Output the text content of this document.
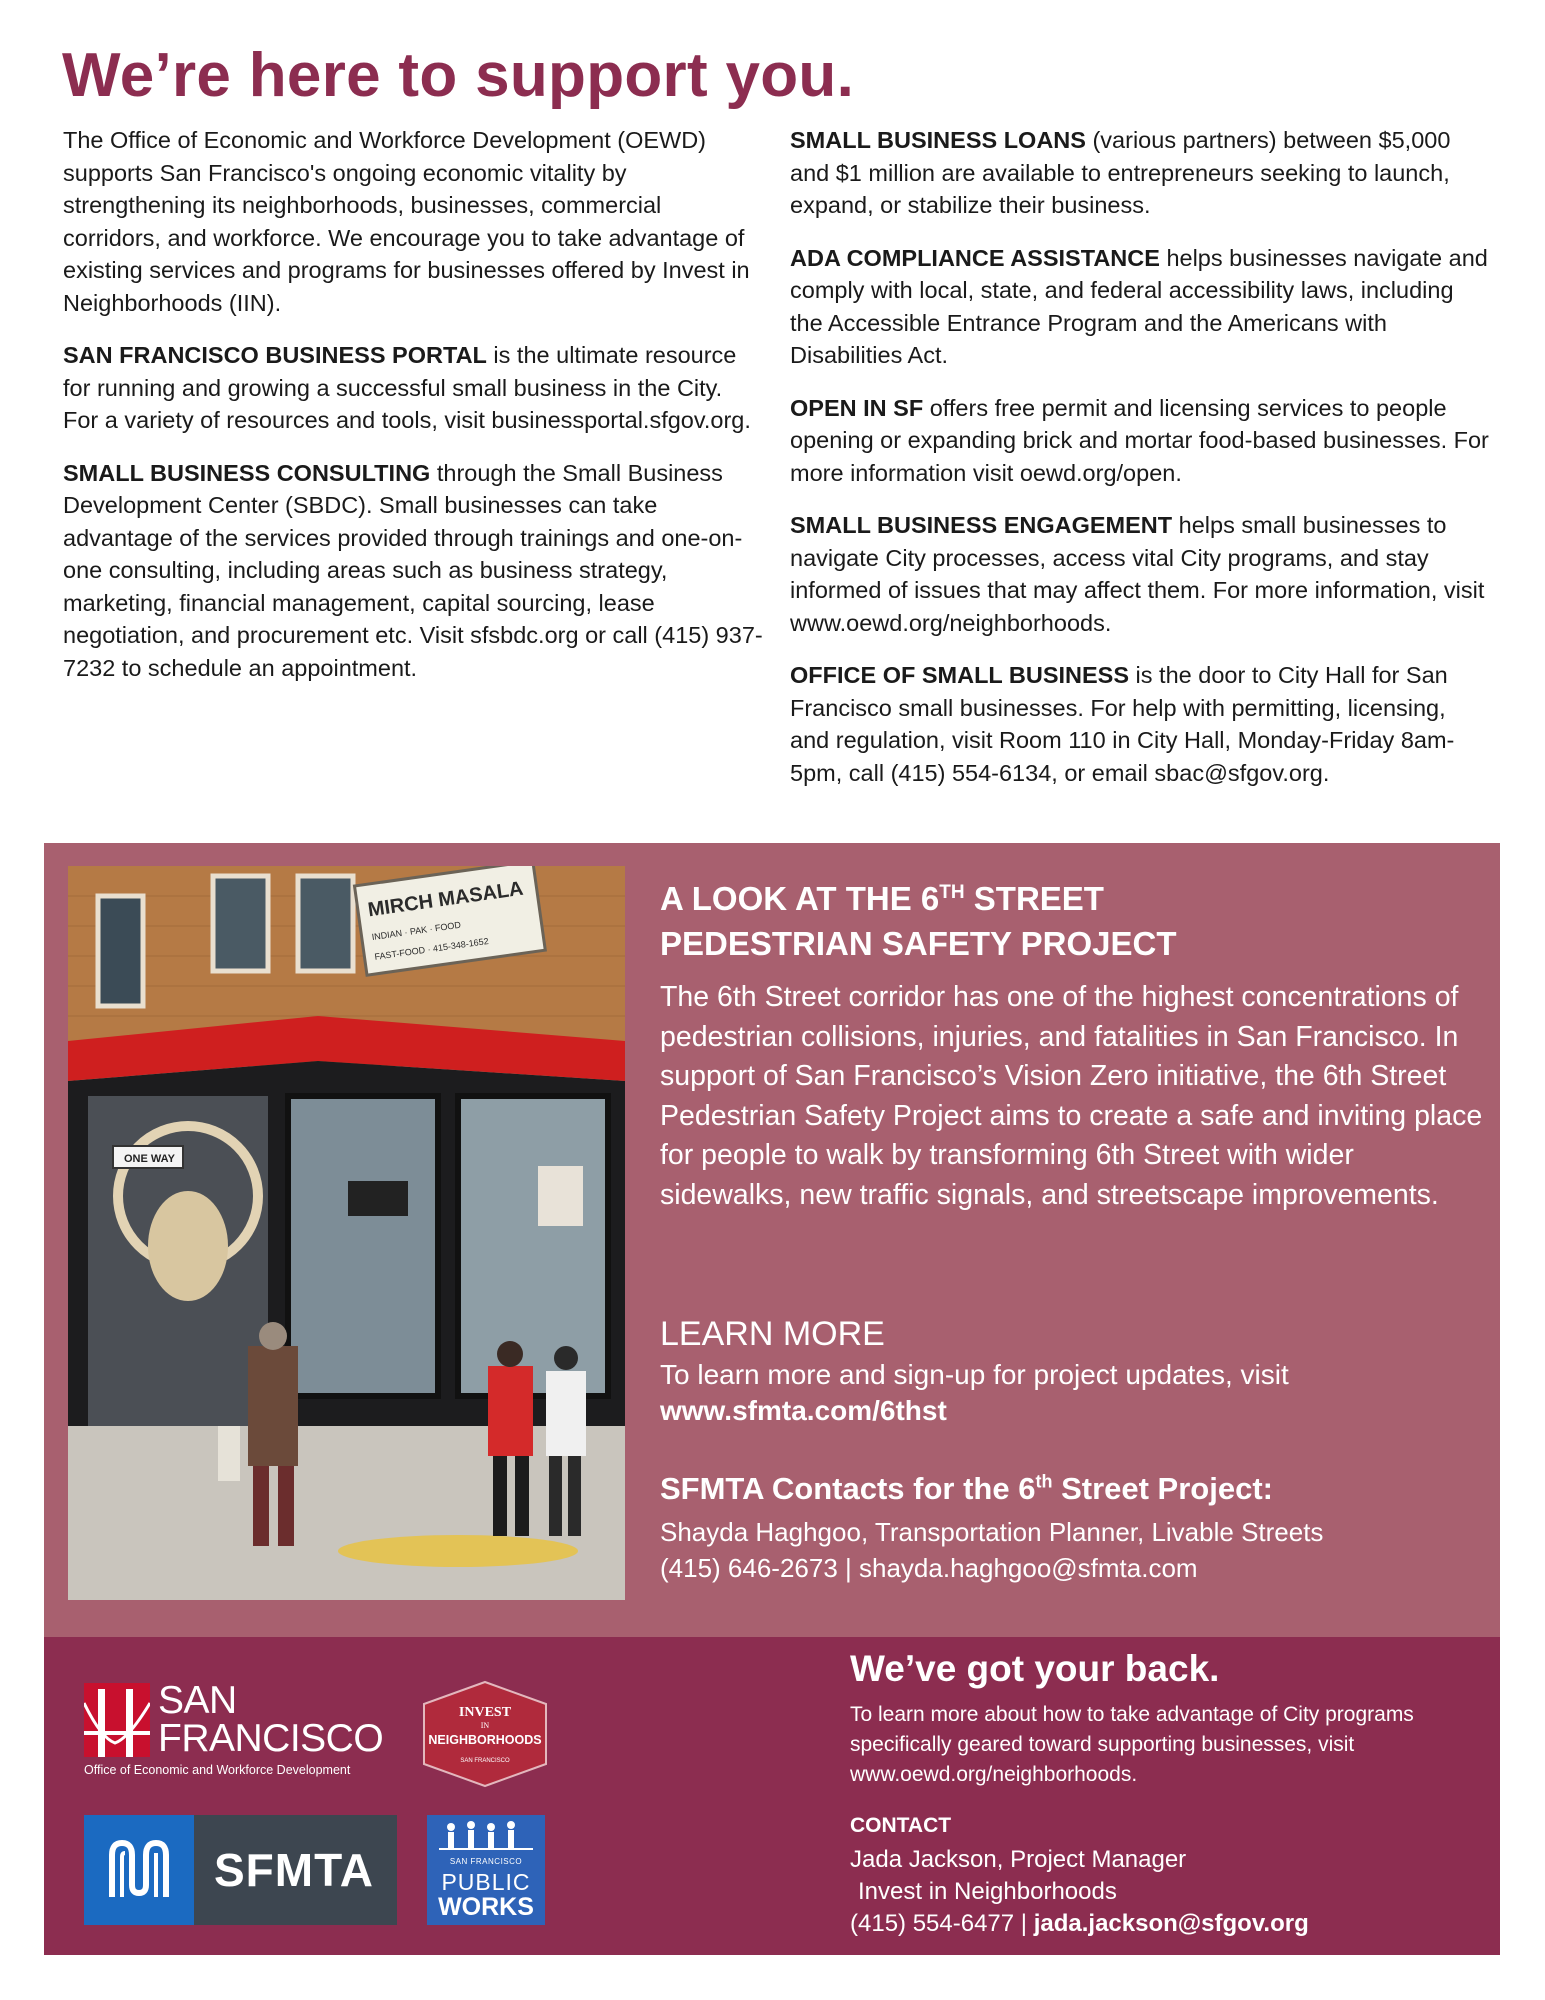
We’re here to support you.

The Office of Economic and Workforce Development (OEWD) supports San Francisco's ongoing economic vitality by strengthening its neighborhoods, businesses, commercial corridors, and workforce. We encourage you to take advantage of existing services and programs for businesses offered by Invest in Neighborhoods (IIN).

SAN FRANCISCO BUSINESS PORTAL is the ultimate resource for running and growing a successful small business in the City. For a variety of resources and tools, visit businessportal.sfgov.org.

SMALL BUSINESS CONSULTING through the Small Business Development Center (SBDC). Small businesses can take advantage of the services provided through trainings and one-on-one consulting, including areas such as business strategy, marketing, financial management, capital sourcing, lease negotiation, and procurement etc. Visit sfsbdc.org or call (415) 937-7232 to schedule an appointment.

SMALL BUSINESS LOANS (various partners) between $5,000 and $1 million are available to entrepreneurs seeking to launch, expand, or stabilize their business.

ADA COMPLIANCE ASSISTANCE helps businesses navigate and comply with local, state, and federal accessibility laws, including the Accessible Entrance Program and the Americans with Disabilities Act.

OPEN IN SF offers free permit and licensing services to people opening or expanding brick and mortar food-based businesses. For more information visit oewd.org/open.

SMALL BUSINESS ENGAGEMENT helps small businesses to navigate City processes, access vital City programs, and stay informed of issues that may affect them. For more information, visit www.oewd.org/neighborhoods.

OFFICE OF SMALL BUSINESS is the door to City Hall for San Francisco small businesses. For help with permitting, licensing, and regulation, visit Room 110 in City Hall, Monday-Friday 8am-5pm, call (415) 554-6134, or email sbac@sfgov.org.

MIRCH MASALA
INDIAN · PAK · FOOD
FAST-FOOD · 415-348-1652
ONE WAY
A LOOK AT THE 6TH STREET
PEDESTRIAN SAFETY PROJECT
The 6th Street corridor has one of the highest concentrations of pedestrian collisions, injuries, and fatalities in San Francisco. In support of San Francisco’s Vision Zero initiative, the 6th Street Pedestrian Safety Project aims to create a safe and inviting place for people to walk by transforming 6th Street with wider sidewalks, new traffic signals, and streetscape improvements.
LEARN MORE
To learn more and sign-up for project updates, visit
www.sfmta.com/6thst
SFMTA Contacts for the 6th Street Project:
Shayda Haghgoo, Transportation Planner, Livable Streets
(415) 646-2673 | shayda.haghgoo@sfmta.com
SAN
FRANCISCO
Office of Economic and Workforce Development
INVEST
IN
NEIGHBORHOODS
SAN FRANCISCO
SFMTA	SAN FRANCISCO
PUBLIC
WORKS
We’ve got your back.
To learn more about how to take advantage of City programs specifically geared toward supporting businesses, visit www.oewd.org/neighborhoods.
CONTACT
Jada Jackson, Project Manager
Invest in Neighborhoods
(415) 554-6477 | jada.jackson@sfgov.org
